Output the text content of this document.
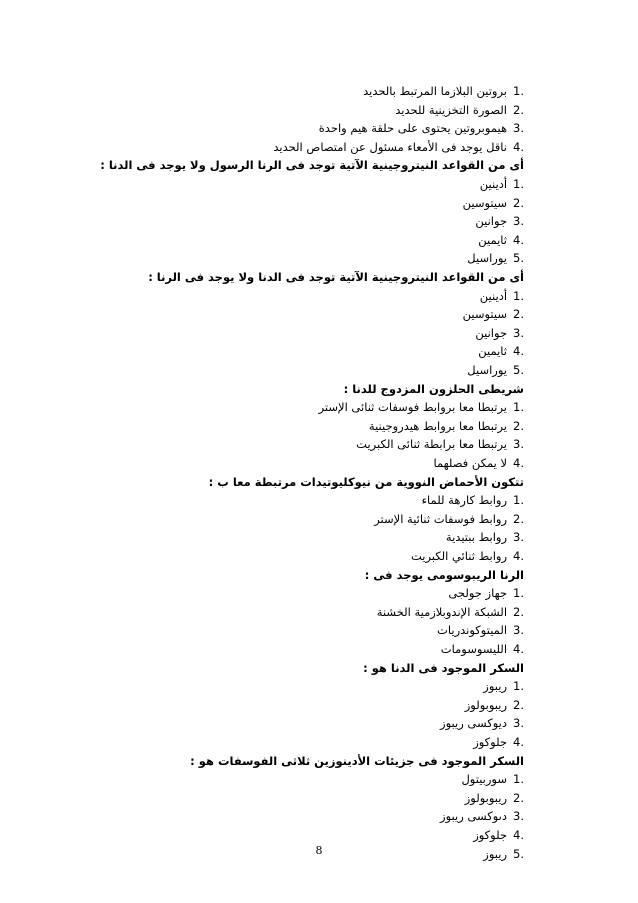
1.بروتين البلازما المرتبط بالحديد
2.الصورة التخزينية للحديد
3.هيموبروتين يحتوى على حلقة هيم واحدة
4.ناقل يوجد فى الأمعاء مسئول عن امتصاص الحديد
أى من القواعد النيتروجينية الآتية توجد فى الرنا الرسول ولا يوجد فى الدنا :
1.أدينين
2.سيتوسين
3.جوانين
4.ثايمين
5.يوراسيل
أى من القواعد النيتروجينية الآتية توجد فى الدنا ولا يوجد فى الرنا :
1.أدينين
2.سيتوسين
3.جوانين
4.ثايمين
5.يوراسيل
شريطى الحلزون المزدوج للدنا :
1.يرتبطا معا بروابط فوسفات ثنائى الإستر
2.يرتبطا معا بروابط هيدروجينية
3.يرتبطا معا برابطة ثنائى الكبريت
4.لا يمكن فصلهما
تتكون الأحماض النووية من نيوكليوتيدات مرتبطة معا ب :
1.روابط كارهة للماء
2.روابط فوسفات ثنائية الإستر
3.روابط ببتيدية
4.روابط ثنائي الكبريت
الرنا الريبوسومى يوجد فى :
1.جهاز جولجى
2.الشبكة الإندوبلازمية الخشنة
3.الميتوكوندريات
4.الليسوسومات
السكر الموجود فى الدنا هو :
1.ريبوز
2.ريبوبولوز
3.ديوكسى ريبوز
4.جلوكوز
السكر الموجود فى جزيئات الأدينوزين ثلاثى الفوسفات هو :
1.سوربيتول
2.ريبوبولوز
3.دىوكسى ريبوز
4.جلوكوز
5.ريبوز
8
